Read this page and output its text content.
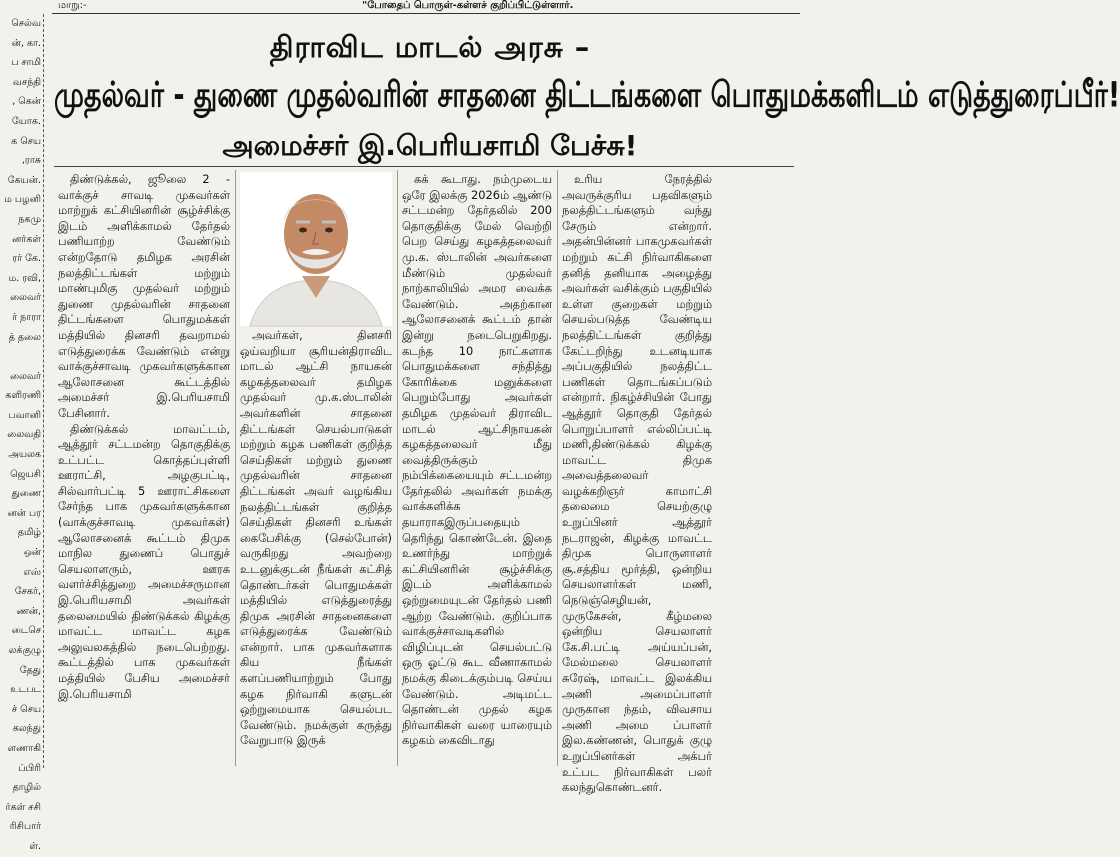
மாறு:-	"போதைப் பொருள்-கள்ளச் குறிப்பிட்டுள்ளார்.
செல்வ
ன், கா.
ப சாமி
வசந்தி
, கென்
யோக.
க செய
,ராசு
கேயன்.
ம பழனி
நகமு
னர்கள்
ரர் கே.
ம. ரவி,
லைவர்
ர் நாரா
த் தலை

லைவர்
களிரணி
பவானி
லைவதி
அயலக
ஜெயசி
துணை
னன் பர
தமிழ்
ஒன்
எஸ்
சேகர்,
ணன்,
டைசெ
லக்குழு
தேது
உடபட
ச் செய
கலந்து
ளணாகி
ப்பிரி
தாழில்
ர்கள் சசி
ரிசிபார்
ள்.
திராவிட மாடல் அரசு –
முதல்வர் - துணை முதல்வரின் சாதனை திட்டங்களை பொதுமக்களிடம் எடுத்துரைப்பீர்!
அமைச்சர் இ.பெரியசாமி பேச்சு!

திண்டுக்கல், ஜூலை 2 - வாக்குச் சாவடி முகவர்கள் மாற்றுக் கட்சியினரின் சூழ்ச்சிக்கு இடம் அளிக்காமல் தேர்தல் பணியாற்ற வேண்டும் என்றதோடு தமிழக அரசின் நலத்திட்டங்கள் மற்றும் மாண்புமிகு முதல்வர் மற்றும் துணை முதல்வரின் சாதனை திட்டங்களை பொதுமக்கள் மத்தியில் தினசரி தவறாமல் எடுத்துரைக்க வேண்டும் என்று வாக்குச்சாவடி முகவர்களுக்கான ஆலோசனை கூட்டத்தில் அமைச்சர் இ.பெரியசாமி பேசினார்.

திண்டுக்கல் மாவட்டம், ஆத்தூர் சட்டமன்ற தொகுதிக்கு உட்பட்ட கொத்தப்புள்ளி ஊராட்சி, அழகுபட்டி, சில்வார்பட்டி 5 ஊராட்சிகளை சேர்ந்த பாக முகவர்களுக்கான (வாக்குச்சாவடி முகவர்கள்) ஆலோசனைக் கூட்டம் திமுக மாநில துணைப் பொதுச் செயலாளரும், ஊரக வளர்ச்சித்துறை அமைச்சருமான இ.பெரியசாமி அவர்கள் தலைமையில் திண்டுக்கல் கிழக்கு மாவட்ட மாவட்ட கழக அலுவலகத்தில் நடைபெற்றது. கூட்டத்தில் பாக முகவர்கள் மத்தியில் பேசிய அமைச்சர் இ.பெரியசாமி

அவர்கள், தினசரி ஒய்வறியா சூரியன்திராவிட மாடல் ஆட்சி நாயகன் கழகத்தலைவர் தமிழக முதல்வர் மு.க.ஸ்டாலின் அவர்களின் சாதனை திட்டங்கள் செயல்பாடுகள் மற்றும் கழக பணிகள் குறித்த செய்திகள் மற்றும் துணை முதல்வரின் சாதனை திட்டங்கள் அவர் வழங்கிய நலத்திட்டங்கள் குறித்த செய்திகள் தினசரி உங்கள் கைபேசிக்கு (செல்போன்) வருகிறது அவற்றை உடனுக்குடன் நீங்கள் கட்சித் தொண்டர்கள் பொதுமக்கள் மத்தியில் எடுத்துரைத்து திமுக அரசின் சாதனைகளை எடுத்துரைக்க வேண்டும் என்றார். பாக முகவர்களாக கிய நீங்கள் களப்பணியாற்றும் போது கழக நிர்வாகி களுடன் ஒற்றுமையாக செயல்பட வேண்டும். நமக்குள் கருத்து வேறுபாடு இருக்

கக் கூடாது. நம்முடைய ஒரே இலக்கு 2026ம் ஆண்டு சட்டமன்ற தேர்தலில் 200 தொகுதிக்கு மேல் வெற்றி பெற செய்து கழகத்தலைவர் மு.க. ஸ்டாலின் அவர்களை மீண்டும் முதல்வர் நாற்காலியில் அமர வைக்க வேண்டும். அதற்கான ஆலோசனைக் கூட்டம் தான் இன்று நடைபெறுகிறது. கடந்த 10 நாட்களாக பொதுமக்களை சந்தித்து கோரிக்கை மனுக்களை பெறும்போது அவர்கள் தமிழக முதல்வர் திராவிட மாடல் ஆட்சிநாயகன் கழகத்தலைவர் மீது வைத்திருக்கும் நம்பிக்கையையும் சட்டமன்ற தேர்தலில் அவர்கள் நமக்கு வாக்களிக்க தயாராகஇருப்பதையும் தெரிந்து கொண்டேன். இதை உணர்ந்து மாற்றுக் கட்சியினரின் சூழ்ச்சிக்கு இடம் அளிக்காமல் ஒற்றுமையுடன் தேர்தல் பணி ஆற்ற வேண்டும். குறிப்பாக வாக்குச்சாவடிகளில் விழிப்புடன் செயல்பட்டு ஒரு ஓட்டு கூட வீணாகாமல் நமக்கு கிடைக்கும்படி செய்ய வேண்டும். அடிமட்ட தொண்டன் முதல் கழக நிர்வாகிகள் வரை யாரையும் கழகம் கைவிடாது

உரிய நேரத்தில் அவருக்குரிய பதவிகளும் நலத்திட்டங்களும் வந்து சேரும் என்றார். அதன்பின்னர் பாகமுகவர்கள் மற்றும் கட்சி நிர்வாகிகளை தனித் தனியாக அழைத்து அவர்கள் வசிக்கும் பகுதியில் உள்ள குறைகள் மற்றும் செயல்படுத்த வேண்டிய நலத்திட்டங்கள் குறித்து கேட்டறிந்து உடனடியாக அப்பகுதியில் நலத்திட்ட பணிகள் தொடங்கப்படும் என்றார். நிகழ்ச்சியின் போது ஆத்தூர் தொகுதி தேர்தல் பொறுப்பாளர் எல்லிப்பட்டி மணி,திண்டுக்கல் கிழக்கு மாவட்ட திமுக அவைத்தலைவர் வழக்கறிஞர் காமாட்சி தலைமை செயற்குழு உறுப்பினர் ஆத்தூர் நடராஜன், கிழக்கு மாவட்ட திமுக பொருளாளர் சூ.சத்திய மூர்த்தி, ஒன்றிய செயலாளர்கள் மணி, நெடுஞ்செழியன், முருகேசன், கீழ்மலை ஒன்றிய செயலாளர் கே.சி.பட்டி அய்யப்பன், மேல்மலை செயலாளர் சுரேஷ், மாவட்ட இலக்கிய அணி அமைப்பாளர் முருகான ந்தம், விவசாய அணி அமை ப்பாளர் இல.கண்ணன், பொதுக் குழு உறுப்பினர்கள் அக்பர் உட்பட நிர்வாகிகள் பலர் கலந்துகொண்டனர்.
